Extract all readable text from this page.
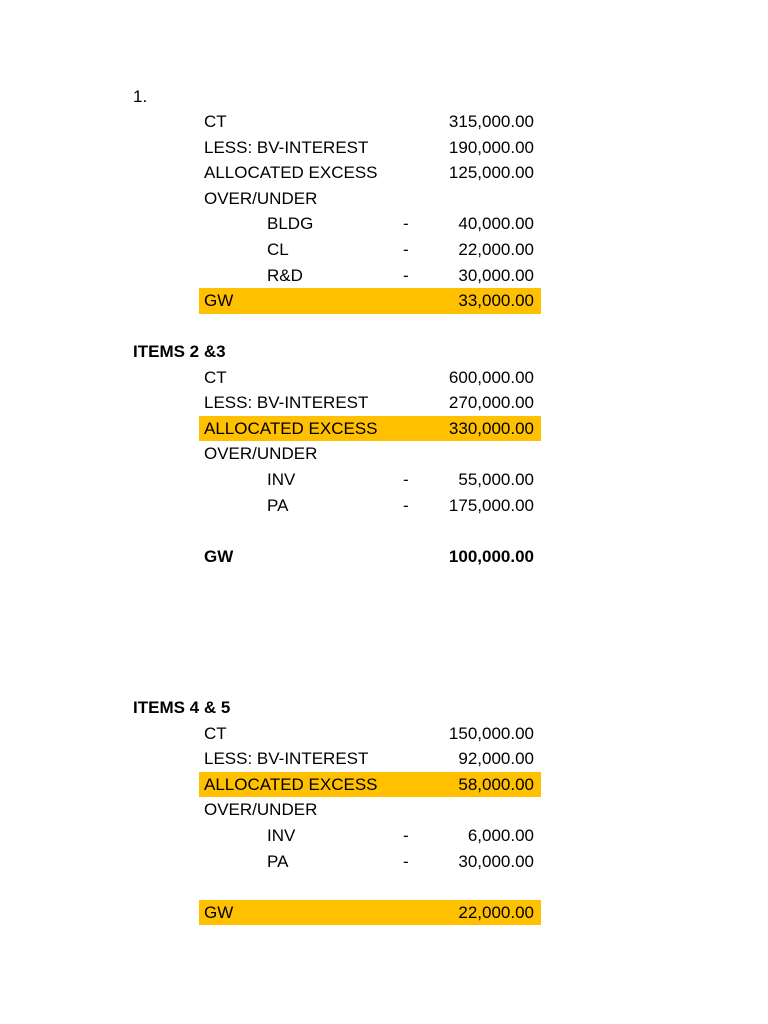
1.
CT	315,000.00
LESS: BV-INTEREST	190,000.00
ALLOCATED EXCESS	125,000.00
OVER/UNDER
BLDG	-	40,000.00
CL	-	22,000.00
R&D	-	30,000.00
GW	33,000.00
ITEMS 2 &3
CT	600,000.00
LESS: BV-INTEREST	270,000.00
ALLOCATED EXCESS	330,000.00
OVER/UNDER
INV	-	55,000.00
PA	- 175,000.00
GW	100,000.00
ITEMS 4 & 5
CT	150,000.00
LESS: BV-INTEREST	92,000.00
ALLOCATED EXCESS	58,000.00
OVER/UNDER
INV	-	6,000.00
PA	-	30,000.00
GW	22,000.00
